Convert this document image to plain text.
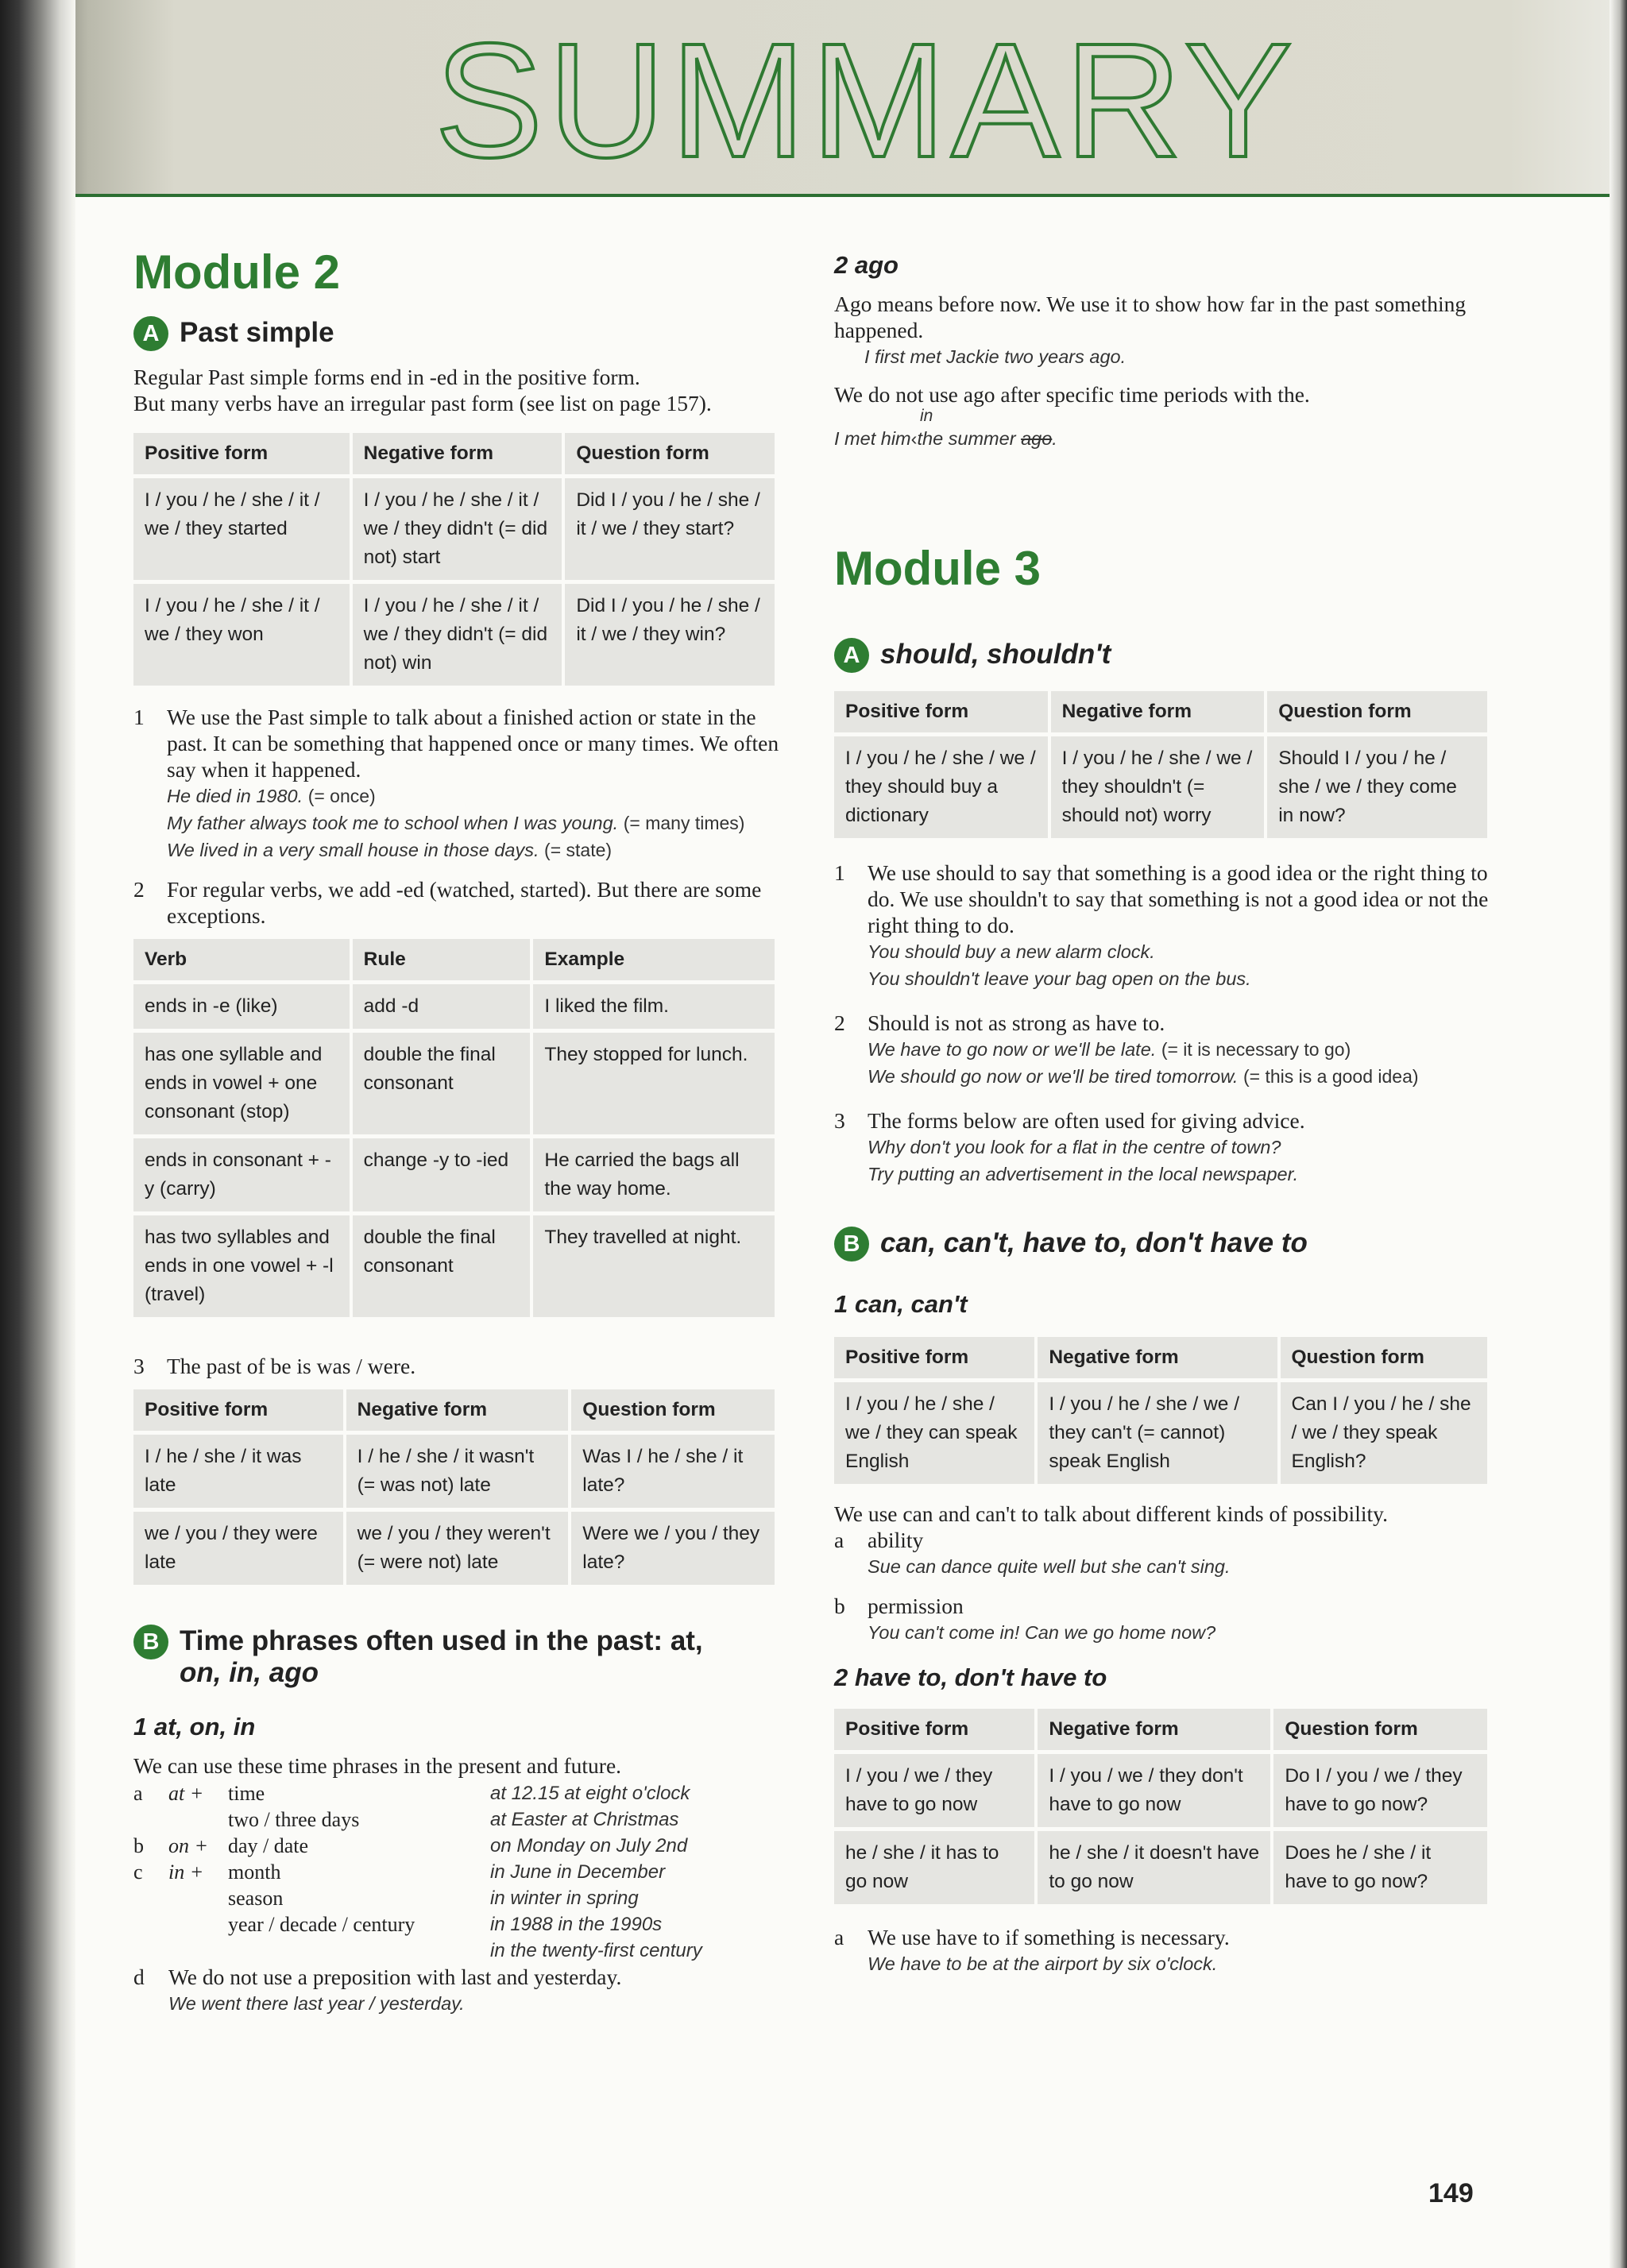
SUMMARY
Module 2
A Past simple
Regular Past simple forms end in -ed in the positive form.
But many verbs have an irregular past form (see list on page 157).
Positive form	Negative form	Question form
I / you / he / she / it / we / they started	I / you / he / she / it / we / they didn't (= did not) start	Did I / you / he / she / it / we / they start?
I / you / he / she / it / we / they won	I / you / he / she / it / we / they didn't (= did not) win	Did I / you / he / she / it / we / they win?
1	We use the Past simple to talk about a finished action or state in the past. It can be something that happened once or many times. We often say when it happened.
He died in 1980. (= once)
My father always took me to school when I was young. (= many times)
We lived in a very small house in those days. (= state)
2	For regular verbs, we add -ed (watched, started). But there are some exceptions.
Verb	Rule	Example
ends in -e (like)	add -d	I liked the film.
has one syllable and ends in vowel + one consonant (stop)	double the final consonant	They stopped for lunch.
ends in consonant + -y (carry)	change -y to -ied	He carried the bags all the way home.
has two syllables and ends in one vowel + -l (travel)	double the final consonant	They travelled at night.
3	The past of be is was / were.
Positive form	Negative form	Question form
I / he / she / it was late	I / he / she / it wasn't (= was not) late	Was I / he / she / it late?
we / you / they were late	we / you / they weren't (= were not) late	Were we / you / they late?
B Time phrases often used in the past: at,
on, in, ago
1 at, on, in
We can use these time phrases in the present and future.
a	at +	time	at 12.15 at eight o'clock
two / three days	at Easter at Christmas
b	on + day / date	on Monday on July 2nd
c	in +	month	in June in December
season	in winter in spring
year / decade / century	in 1988 in the 1990s
in the twenty-first century
d	We do not use a preposition with last and yesterday.
We went there last year / yesterday.
2 ago
Ago means before now. We use it to show how far in the past something happened.
I first met Jackie two years ago.
We do not use ago after specific time periods with the.
in
I met him‹the summer ago.
Module 3
A should, shouldn't
Positive form	Negative form	Question form
I / you / he / she / we / they should buy a dictionary	I / you / he / she / we / they shouldn't (= should not) worry	Should I / you / he / she / we / they come in now?
1	We use should to say that something is a good idea or the right thing to do. We use shouldn't to say that something is not a good idea or not the right thing to do.
You should buy a new alarm clock.
You shouldn't leave your bag open on the bus.
2	Should is not as strong as have to.
We have to go now or we'll be late. (= it is necessary to go)
We should go now or we'll be tired tomorrow. (= this is a good idea)
3	The forms below are often used for giving advice.
Why don't you look for a flat in the centre of town?
Try putting an advertisement in the local newspaper.
B can, can't, have to, don't have to
1 can, can't
Positive form	Negative form	Question form
I / you / he / she / we / they can speak English	I / you / he / she / we / they can't (= cannot) speak English	Can I / you / he / she / we / they speak English?
We use can and can't to talk about different kinds of possibility.
a	ability
Sue can dance quite well but she can't sing.
b	permission
You can't come in! Can we go home now?
2 have to, don't have to
Positive form	Negative form	Question form
I / you / we / they have to go now	I / you / we / they don't have to go now	Do I / you / we / they have to go now?
he / she / it has to go now	he / she / it doesn't have to go now	Does he / she / it have to go now?
a	We use have to if something is necessary.
We have to be at the airport by six o'clock.
149
